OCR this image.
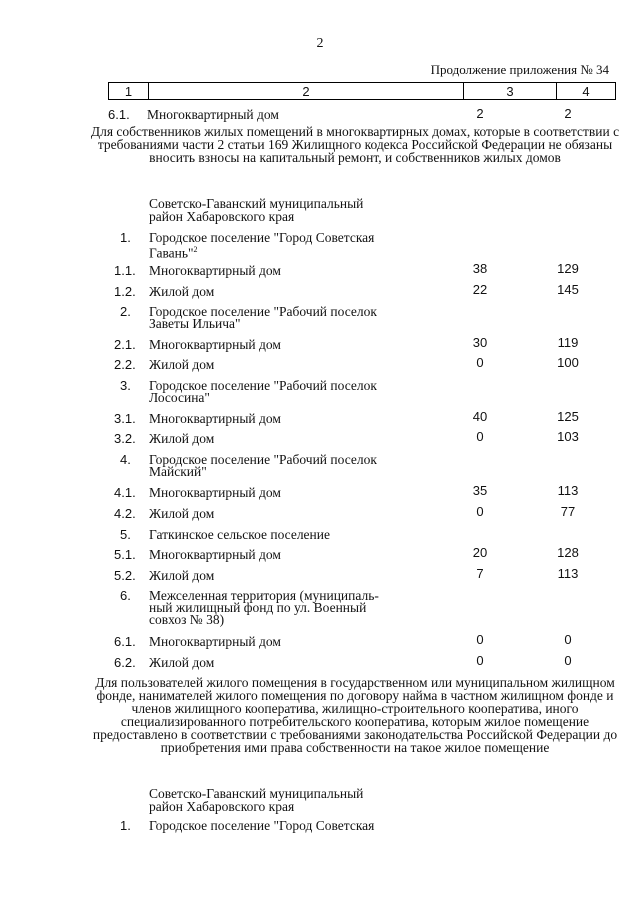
2
Продолжение приложения № 34
1	2	3	4
6.1. Многоквартирный дом	2	2
Для собственников жилых помещений в многоквартирных домах, которые в соответствии с требованиями части 2 статьи 169 Жилищного кодекса Российской Федерации не обязаны вносить взносы на капитальный ремонт, и собственников жилых домов
Советско-Гаванский муниципальный
район Хабаровского края
1. Городское поселение "Город Советская
Гавань"$^2$
1.1. Многоквартирный дом	38	129
1.2. Жилой дом	22	145
2. Городское поселение "Рабочий поселок
Заветы Ильича"
2.1. Многоквартирный дом	30	119
2.2. Жилой дом	0	100
3. Городское поселение "Рабочий поселок
Лососина"
3.1. Многоквартирный дом	40	125
3.2. Жилой дом	0	103
4. Городское поселение "Рабочий поселок
Майский"
4.1. Многоквартирный дом	35	113
4.2. Жилой дом	0	77
5. Гаткинское сельское поселение
5.1. Многоквартирный дом	20	128
5.2. Жилой дом	7	113
6. Межселенная территория (муниципаль-
ный жилищный фонд по ул. Военный
совхоз № 38)
6.1. Многоквартирный дом	0	0
6.2. Жилой дом	0	0
Для пользователей жилого помещения в государственном или муниципальном жилищном фонде, нанимателей жилого помещения по договору найма в частном жилищном фонде и членов жилищного кооператива, жилищно-строительного кооператива, иного специализированного потребительского кооператива, которым жилое помещение предоставлено в соответствии с требованиями законодательства Российской Федерации до приобретения ими права собственности на такое жилое помещение
Советско-Гаванский муниципальный
район Хабаровского края
1. Городское поселение "Город Советская
